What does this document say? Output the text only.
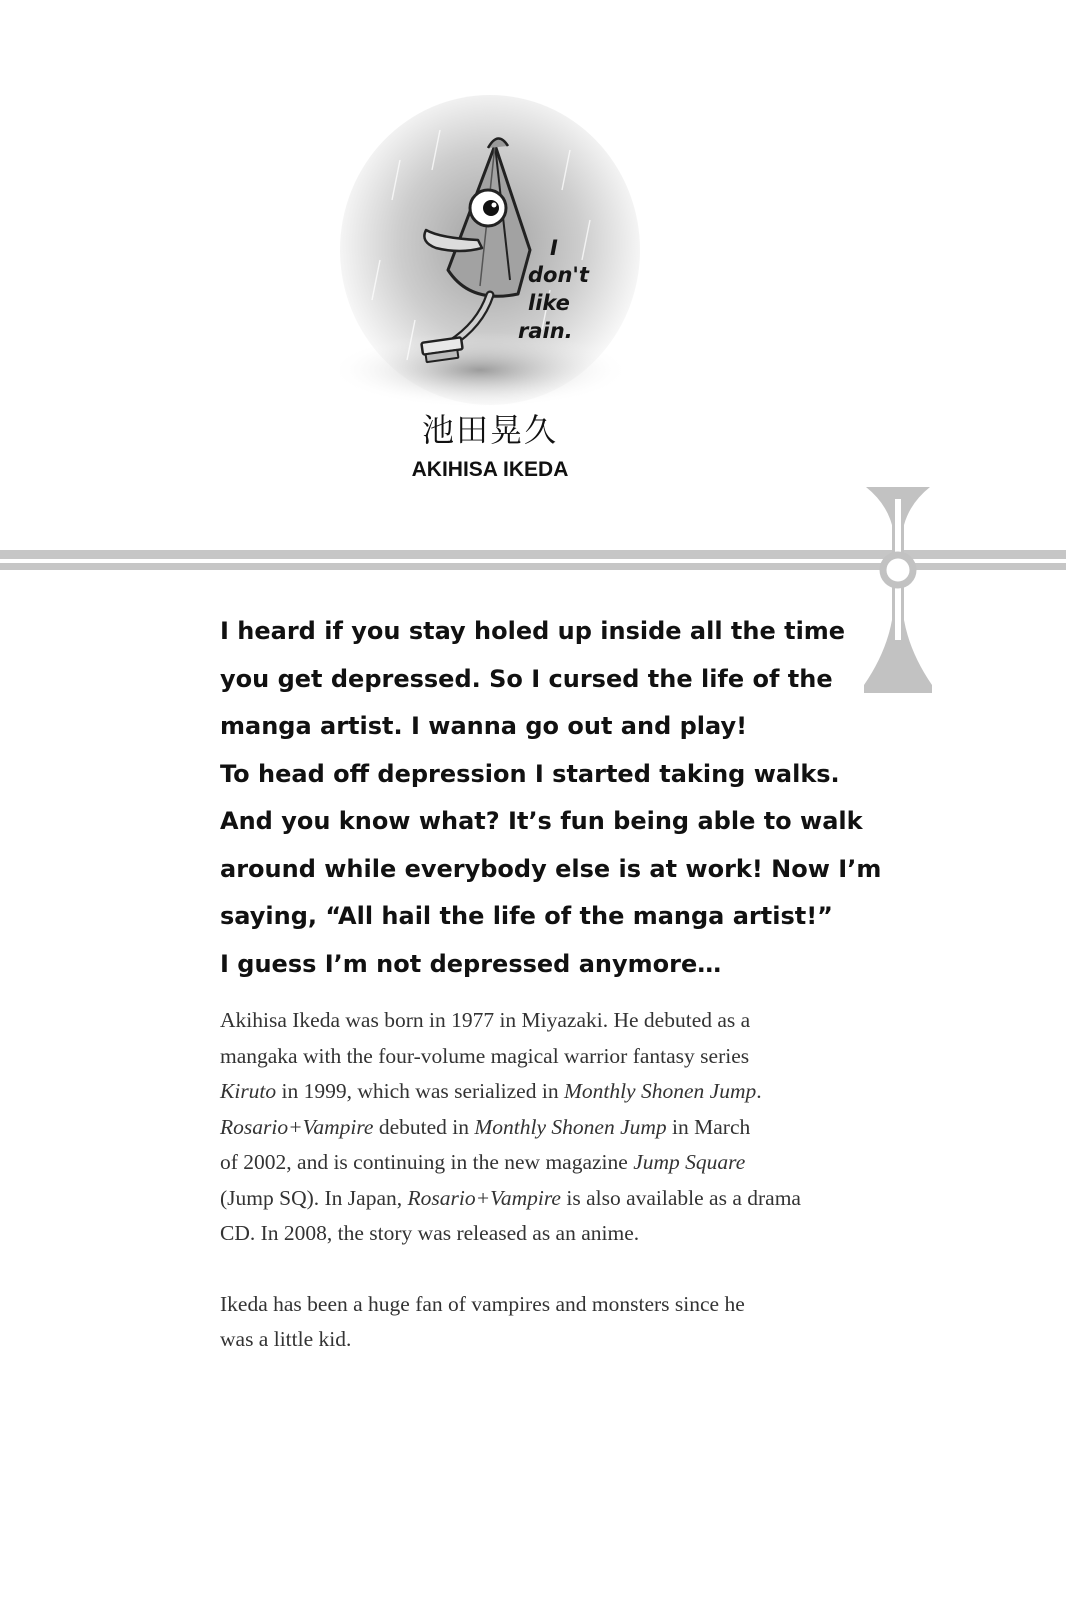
I
don't
like
rain.
池田晃久
AKIHISA IKEDA

I heard if you stay holed up inside all the time

you get depressed. So I cursed the life of the

manga artist. I wanna go out and play!

To head off depression I started taking walks.

And you know what? It’s fun being able to walk

around while everybody else is at work! Now I’m

saying, “All hail the life of the manga artist!”

I guess I’m not depressed anymore…

Akihisa Ikeda was born in 1977 in Miyazaki. He debuted as a

mangaka with the four-volume magical warrior fantasy series

Kiruto in 1999, which was serialized in Monthly Shonen Jump.

Rosario+Vampire debuted in Monthly Shonen Jump in March

of 2002, and is continuing in the new magazine Jump Square

(Jump SQ). In Japan, Rosario+Vampire is also available as a drama

CD. In 2008, the story was released as an anime.

Ikeda has been a huge fan of vampires and monsters since he

was a little kid.
